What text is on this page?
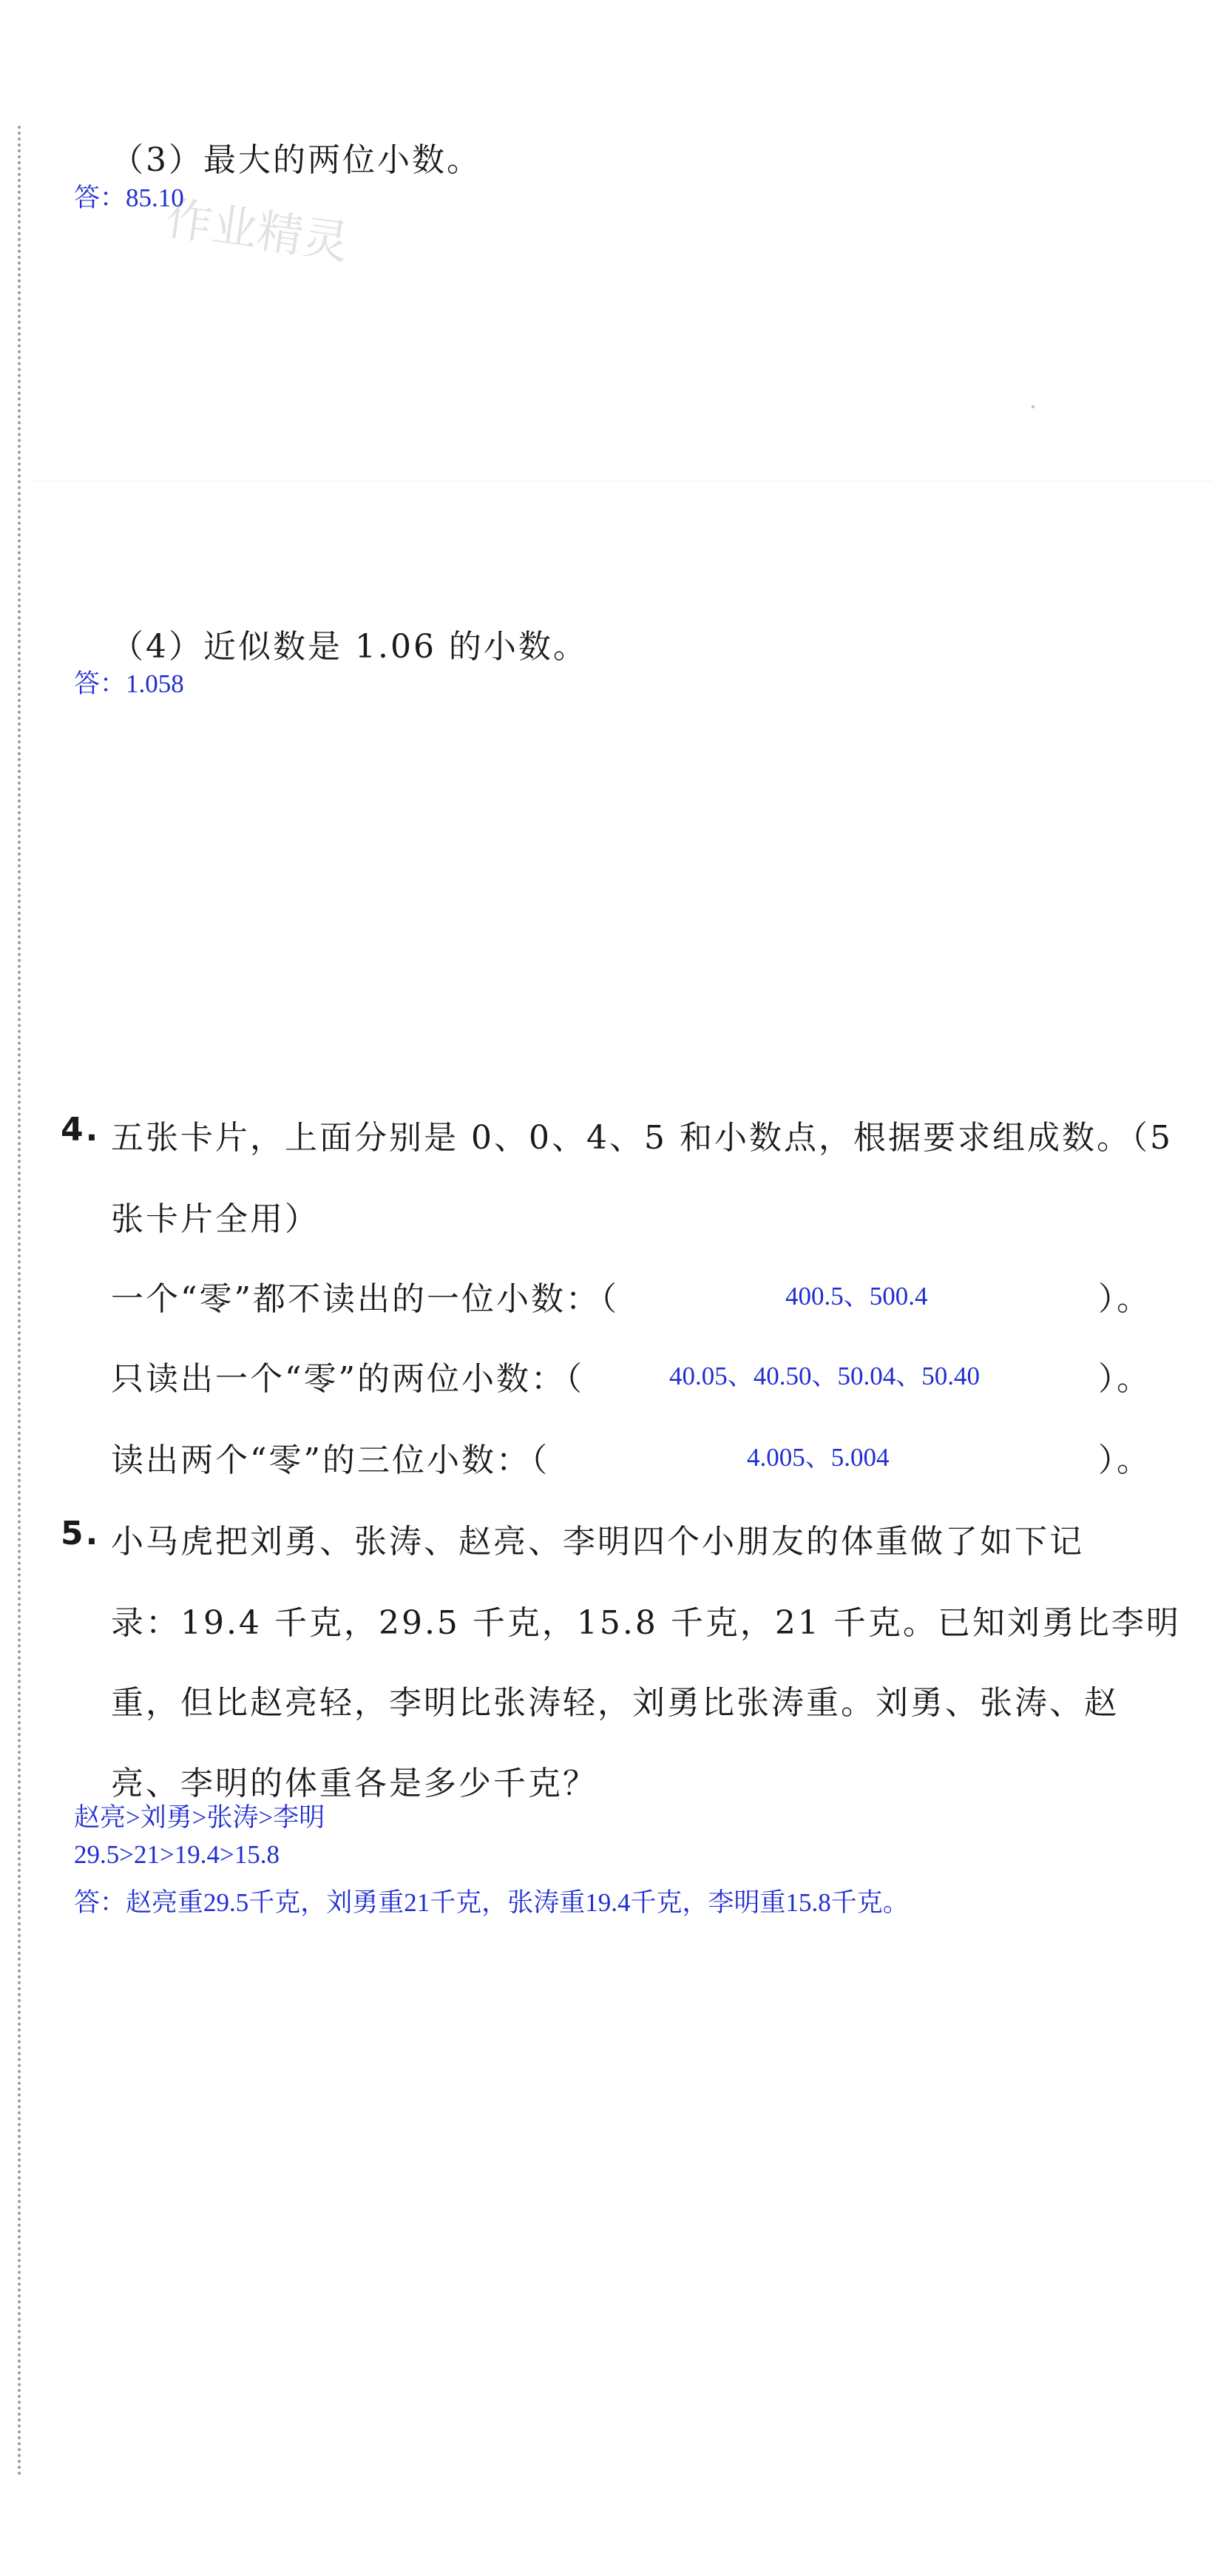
作业精灵
（3）最大的两位小数。
答：85.10
（4）近似数是 1.06 的小数。
答：1.058
4. 五张卡片，上面分别是 0、0、4、5 和小数点，根据要求组成数。（5
张卡片全用）
一个“零”都不读出的一位小数：（	400.5、500.4	）。
只读出一个“零”的两位小数：（	40.05、40.50、50.04、50.40	）。
读出两个“零”的三位小数：（	4.005、5.004	）。
5. 小马虎把刘勇、张涛、赵亮、李明四个小朋友的体重做了如下记
录：19.4 千克，29.5 千克，15.8 千克，21 千克。已知刘勇比李明
重，但比赵亮轻，李明比张涛轻，刘勇比张涛重。刘勇、张涛、赵
亮、李明的体重各是多少千克？
赵亮>刘勇>张涛>李明
29.5>21>19.4>15.8
答：赵亮重29.5千克，刘勇重21千克，张涛重19.4千克，李明重15.8千克。
